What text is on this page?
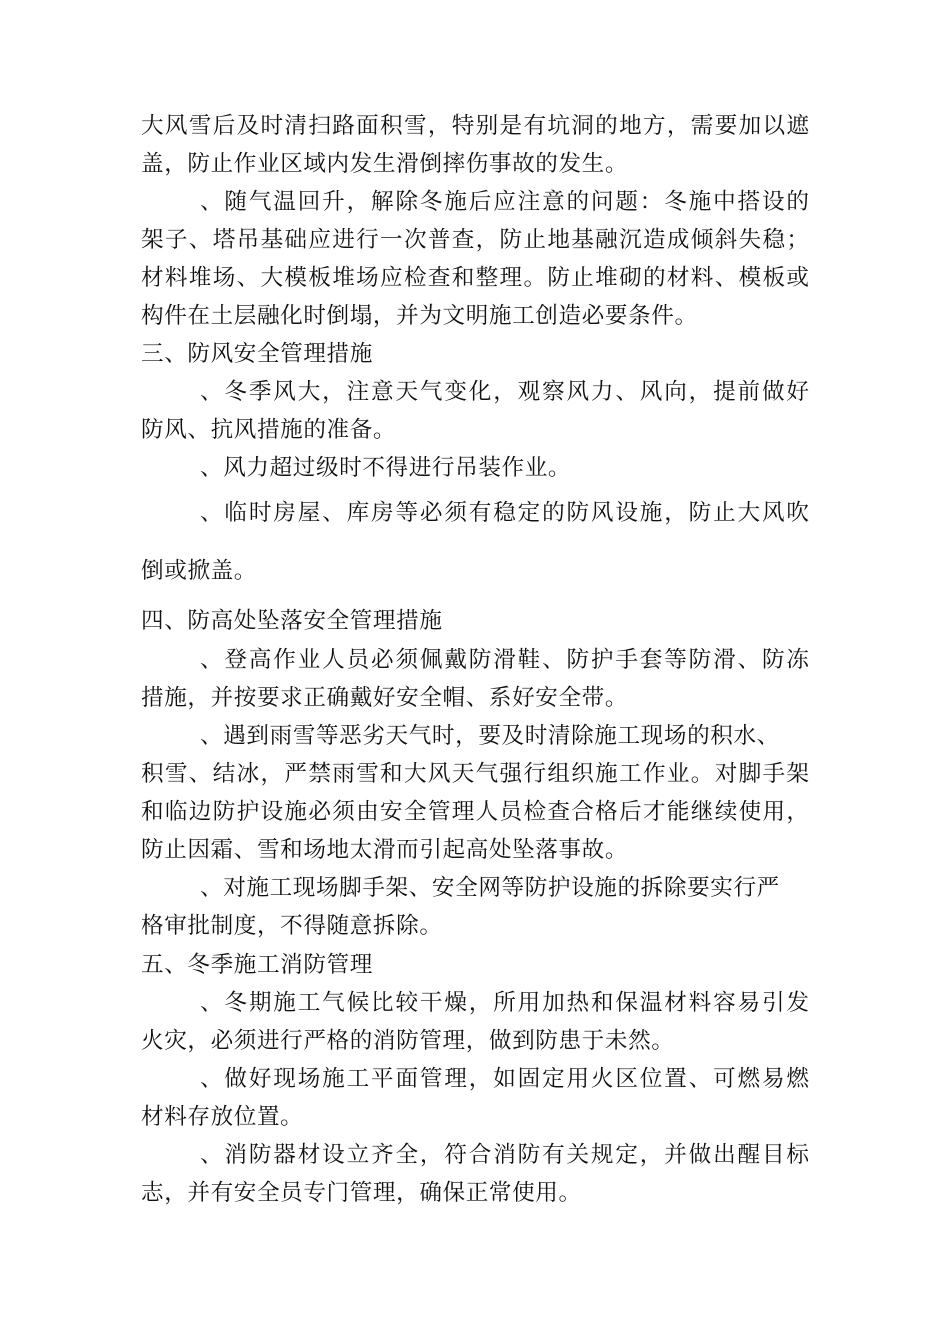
大风雪后及时清扫路面积雪，特别是有坑洞的地方，需要加以遮
盖，防止作业区域内发生滑倒摔伤事故的发生。
、随气温回升，解除冬施后应注意的问题：冬施中搭设的
架子、塔吊基础应进行一次普查，防止地基融沉造成倾斜失稳；
材料堆场、大模板堆场应检查和整理。防止堆砌的材料、模板或
构件在土层融化时倒塌，并为文明施工创造必要条件。
三、防风安全管理措施
、冬季风大，注意天气变化，观察风力、风向，提前做好
防风、抗风措施的准备。
、风力超过级时不得进行吊装作业。
、临时房屋、库房等必须有稳定的防风设施，防止大风吹
倒或掀盖。
四、防高处坠落安全管理措施
、登高作业人员必须佩戴防滑鞋、防护手套等防滑、防冻
措施，并按要求正确戴好安全帽、系好安全带。
、遇到雨雪等恶劣天气时，要及时清除施工现场的积水、
积雪、结冰，严禁雨雪和大风天气强行组织施工作业。对脚手架
和临边防护设施必须由安全管理人员检查合格后才能继续使用，
防止因霜、雪和场地太滑而引起高处坠落事故。
、对施工现场脚手架、安全网等防护设施的拆除要实行严
格审批制度，不得随意拆除。
五、冬季施工消防管理
、冬期施工气候比较干燥，所用加热和保温材料容易引发
火灾，必须进行严格的消防管理，做到防患于未然。
、做好现场施工平面管理，如固定用火区位置、可燃易燃
材料存放位置。
、消防器材设立齐全，符合消防有关规定，并做出醒目标
志，并有安全员专门管理，确保正常使用。
